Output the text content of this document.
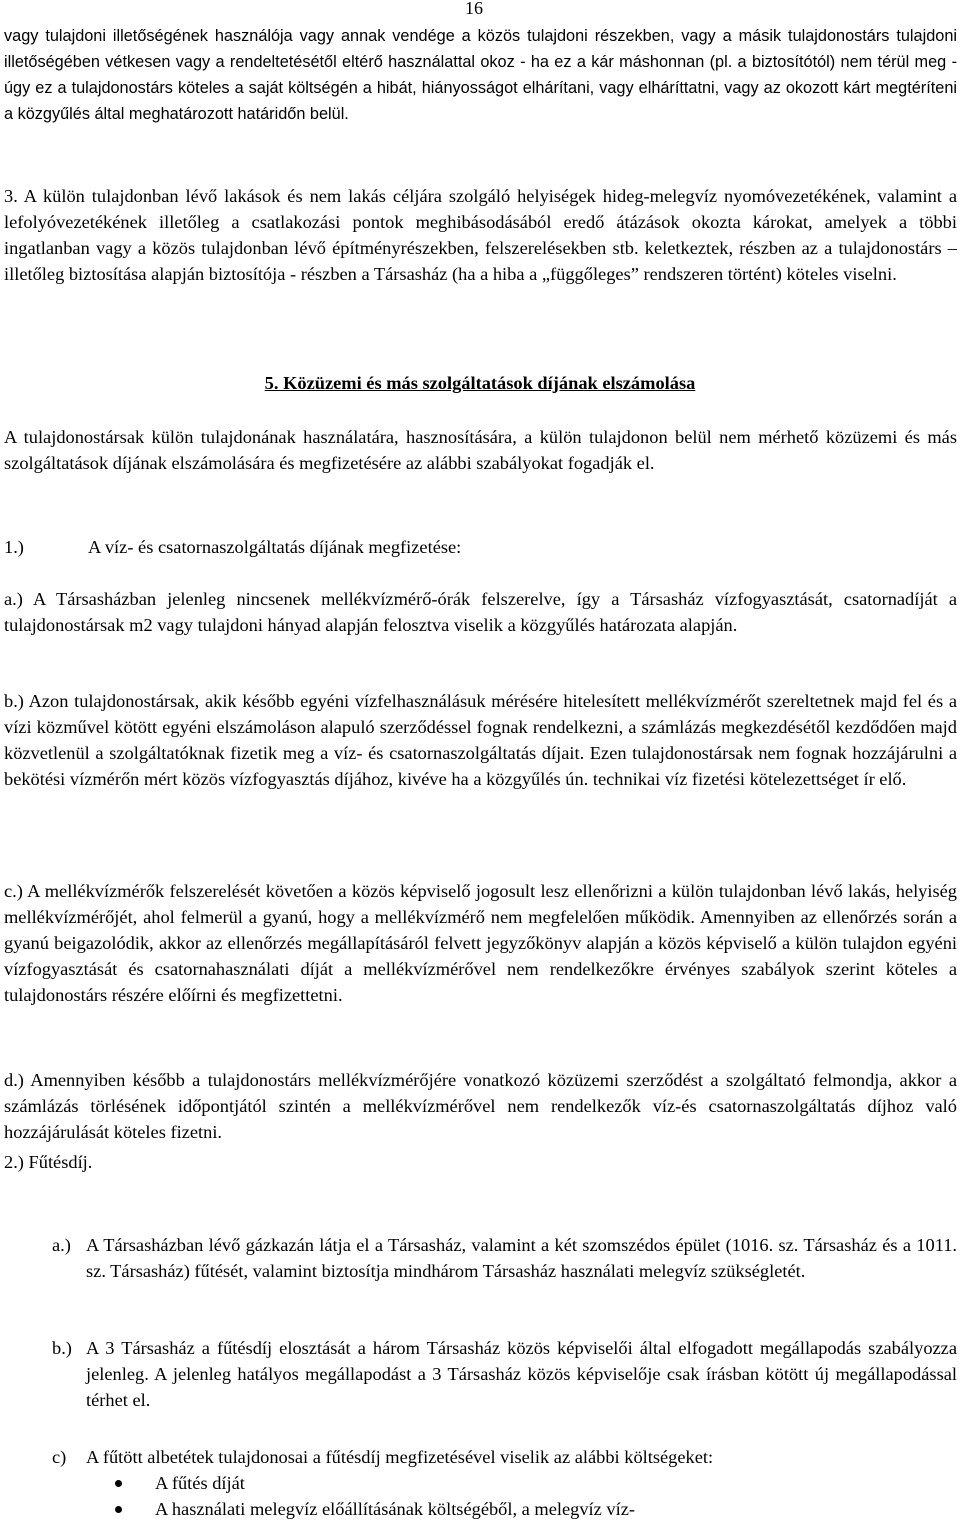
16

vagy tulajdoni illetőségének használója vagy annak vendége a közös tulajdoni részekben, vagy a másik tulajdonostárs tulajdoni illetőségében vétkesen vagy a rendeltetésétől eltérő használattal okoz - ha ez a kár máshonnan (pl. a biztosítótól) nem térül meg - úgy ez a tulajdonostárs köteles a saját költségén a hibát, hiányosságot elhárítani, vagy elháríttatni, vagy az okozott kárt megtéríteni a közgyűlés által meghatározott határidőn belül.

3. A külön tulajdonban lévő lakások és nem lakás céljára szolgáló helyiségek hideg-melegvíz nyomóvezetékének, valamint a lefolyóvezetékének illetőleg a csatlakozási pontok meghibásodásából eredő átázások okozta károkat, amelyek a többi ingatlanban vagy a közös tulajdonban lévő építményrészekben, felszerelésekben stb. keletkeztek, részben az a tulajdonostárs – illetőleg biztosítása alapján biztosítója - részben a Társasház (ha a hiba a „függőleges” rendszeren történt) köteles viselni.

5. Közüzemi és más szolgáltatások díjának elszámolása

A tulajdonostársak külön tulajdonának használatára, hasznosítására, a külön tulajdonon belül nem mérhető közüzemi és más szolgáltatások díjának elszámolására és megfizetésére az alábbi szabályokat fogadják el.

1.)	A víz- és csatornaszolgáltatás díjának megfizetése:

a.) A Társasházban jelenleg nincsenek mellékvízmérő-órák felszerelve, így a Társasház vízfogyasztását, csatornadíját a tulajdonostársak m2 vagy tulajdoni hányad alapján felosztva viselik a közgyűlés határozata alapján.

b.) Azon tulajdonostársak, akik később egyéni vízfelhasználásuk mérésére hitelesített mellékvízmérőt szereltetnek majd fel és a vízi közművel kötött egyéni elszámoláson alapuló szerződéssel fognak rendelkezni, a számlázás megkezdésétől kezdődően majd közvetlenül a szolgáltatóknak fizetik meg a víz- és csatornaszolgáltatás díjait. Ezen tulajdonostársak nem fognak hozzájárulni a bekötési vízmérőn mért közös vízfogyasztás díjához, kivéve ha a közgyűlés ún. technikai víz fizetési kötelezettséget ír elő.

c.) A mellékvízmérők felszerelését követően a közös képviselő jogosult lesz ellenőrizni a külön tulajdonban lévő lakás, helyiség mellékvízmérőjét, ahol felmerül a gyanú, hogy a mellékvízmérő nem megfelelően működik. Amennyiben az ellenőrzés során a gyanú beigazolódik, akkor az ellenőrzés megállapításáról felvett jegyzőkönyv alapján a közös képviselő a külön tulajdon egyéni vízfogyasztását és csatornahasználati díját a mellékvízmérővel nem rendelkezőkre érvényes szabályok szerint köteles a tulajdonostárs részére előírni és megfizettetni.

d.) Amennyiben később a tulajdonostárs mellékvízmérőjére vonatkozó közüzemi szerződést a szolgáltató felmondja, akkor a számlázás törlésének időpontjától szintén a mellékvízmérővel nem rendelkezők víz-és csatornaszolgáltatás díjhoz való hozzájárulását köteles fizetni.

2.) Fűtésdíj.

a.) A Társasházban lévő gázkazán látja el a Társasház, valamint a két szomszédos épület (1016. sz. Társasház és a 1011. sz. Társasház) fűtését, valamint biztosítja mindhárom Társasház használati melegvíz szükségletét.
b.) A 3 Társasház a fűtésdíj elosztását a három Társasház közös képviselői által elfogadott megállapodás szabályozza jelenleg. A jelenleg hatályos megállapodást a 3 Társasház közös képviselője csak írásban kötött új megállapodással térhet el.
c)	A fűtött albetétek tulajdonosai a fűtésdíj megfizetésével viselik az alábbi költségeket:
A fűtés díját
A használati melegvíz előállításának költségéből, a melegvíz víz-
